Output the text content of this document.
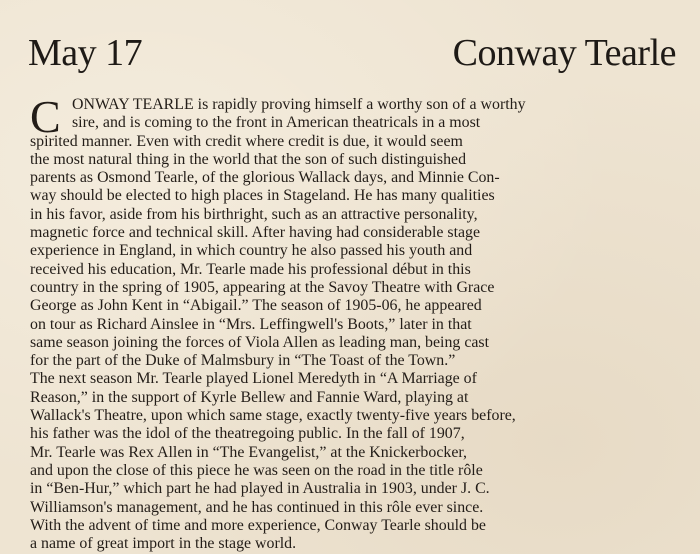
May 17	Conway Tearle
C ONWAY TEARLE is rapidly proving himself a worthy son of a worthy
sire, and is coming to the front in American theatricals in a most
spirited manner. Even with credit where credit is due, it would seem
the most natural thing in the world that the son of such distinguished
parents as Osmond Tearle, of the glorious Wallack days, and Minnie Con-
way should be elected to high places in Stageland. He has many qualities
in his favor, aside from his birthright, such as an attractive personality,
magnetic force and technical skill. After having had considerable stage
experience in England, in which country he also passed his youth and
received his education, Mr. Tearle made his professional début in this
country in the spring of 1905, appearing at the Savoy Theatre with Grace
George as John Kent in “Abigail.” The season of 1905-06, he appeared
on tour as Richard Ainslee in “Mrs. Leffingwell's Boots,” later in that
same season joining the forces of Viola Allen as leading man, being cast
for the part of the Duke of Malmsbury in “The Toast of the Town.”
The next season Mr. Tearle played Lionel Meredyth in “A Marriage of
Reason,” in the support of Kyrle Bellew and Fannie Ward, playing at
Wallack's Theatre, upon which same stage, exactly twenty-five years before,
his father was the idol of the theatregoing public. In the fall of 1907,
Mr. Tearle was Rex Allen in “The Evangelist,” at the Knickerbocker,
and upon the close of this piece he was seen on the road in the title rôle
in “Ben-Hur,” which part he had played in Australia in 1903, under J. C.
Williamson's management, and he has continued in this rôle ever since.
With the advent of time and more experience, Conway Tearle should be
a name of great import in the stage world.
